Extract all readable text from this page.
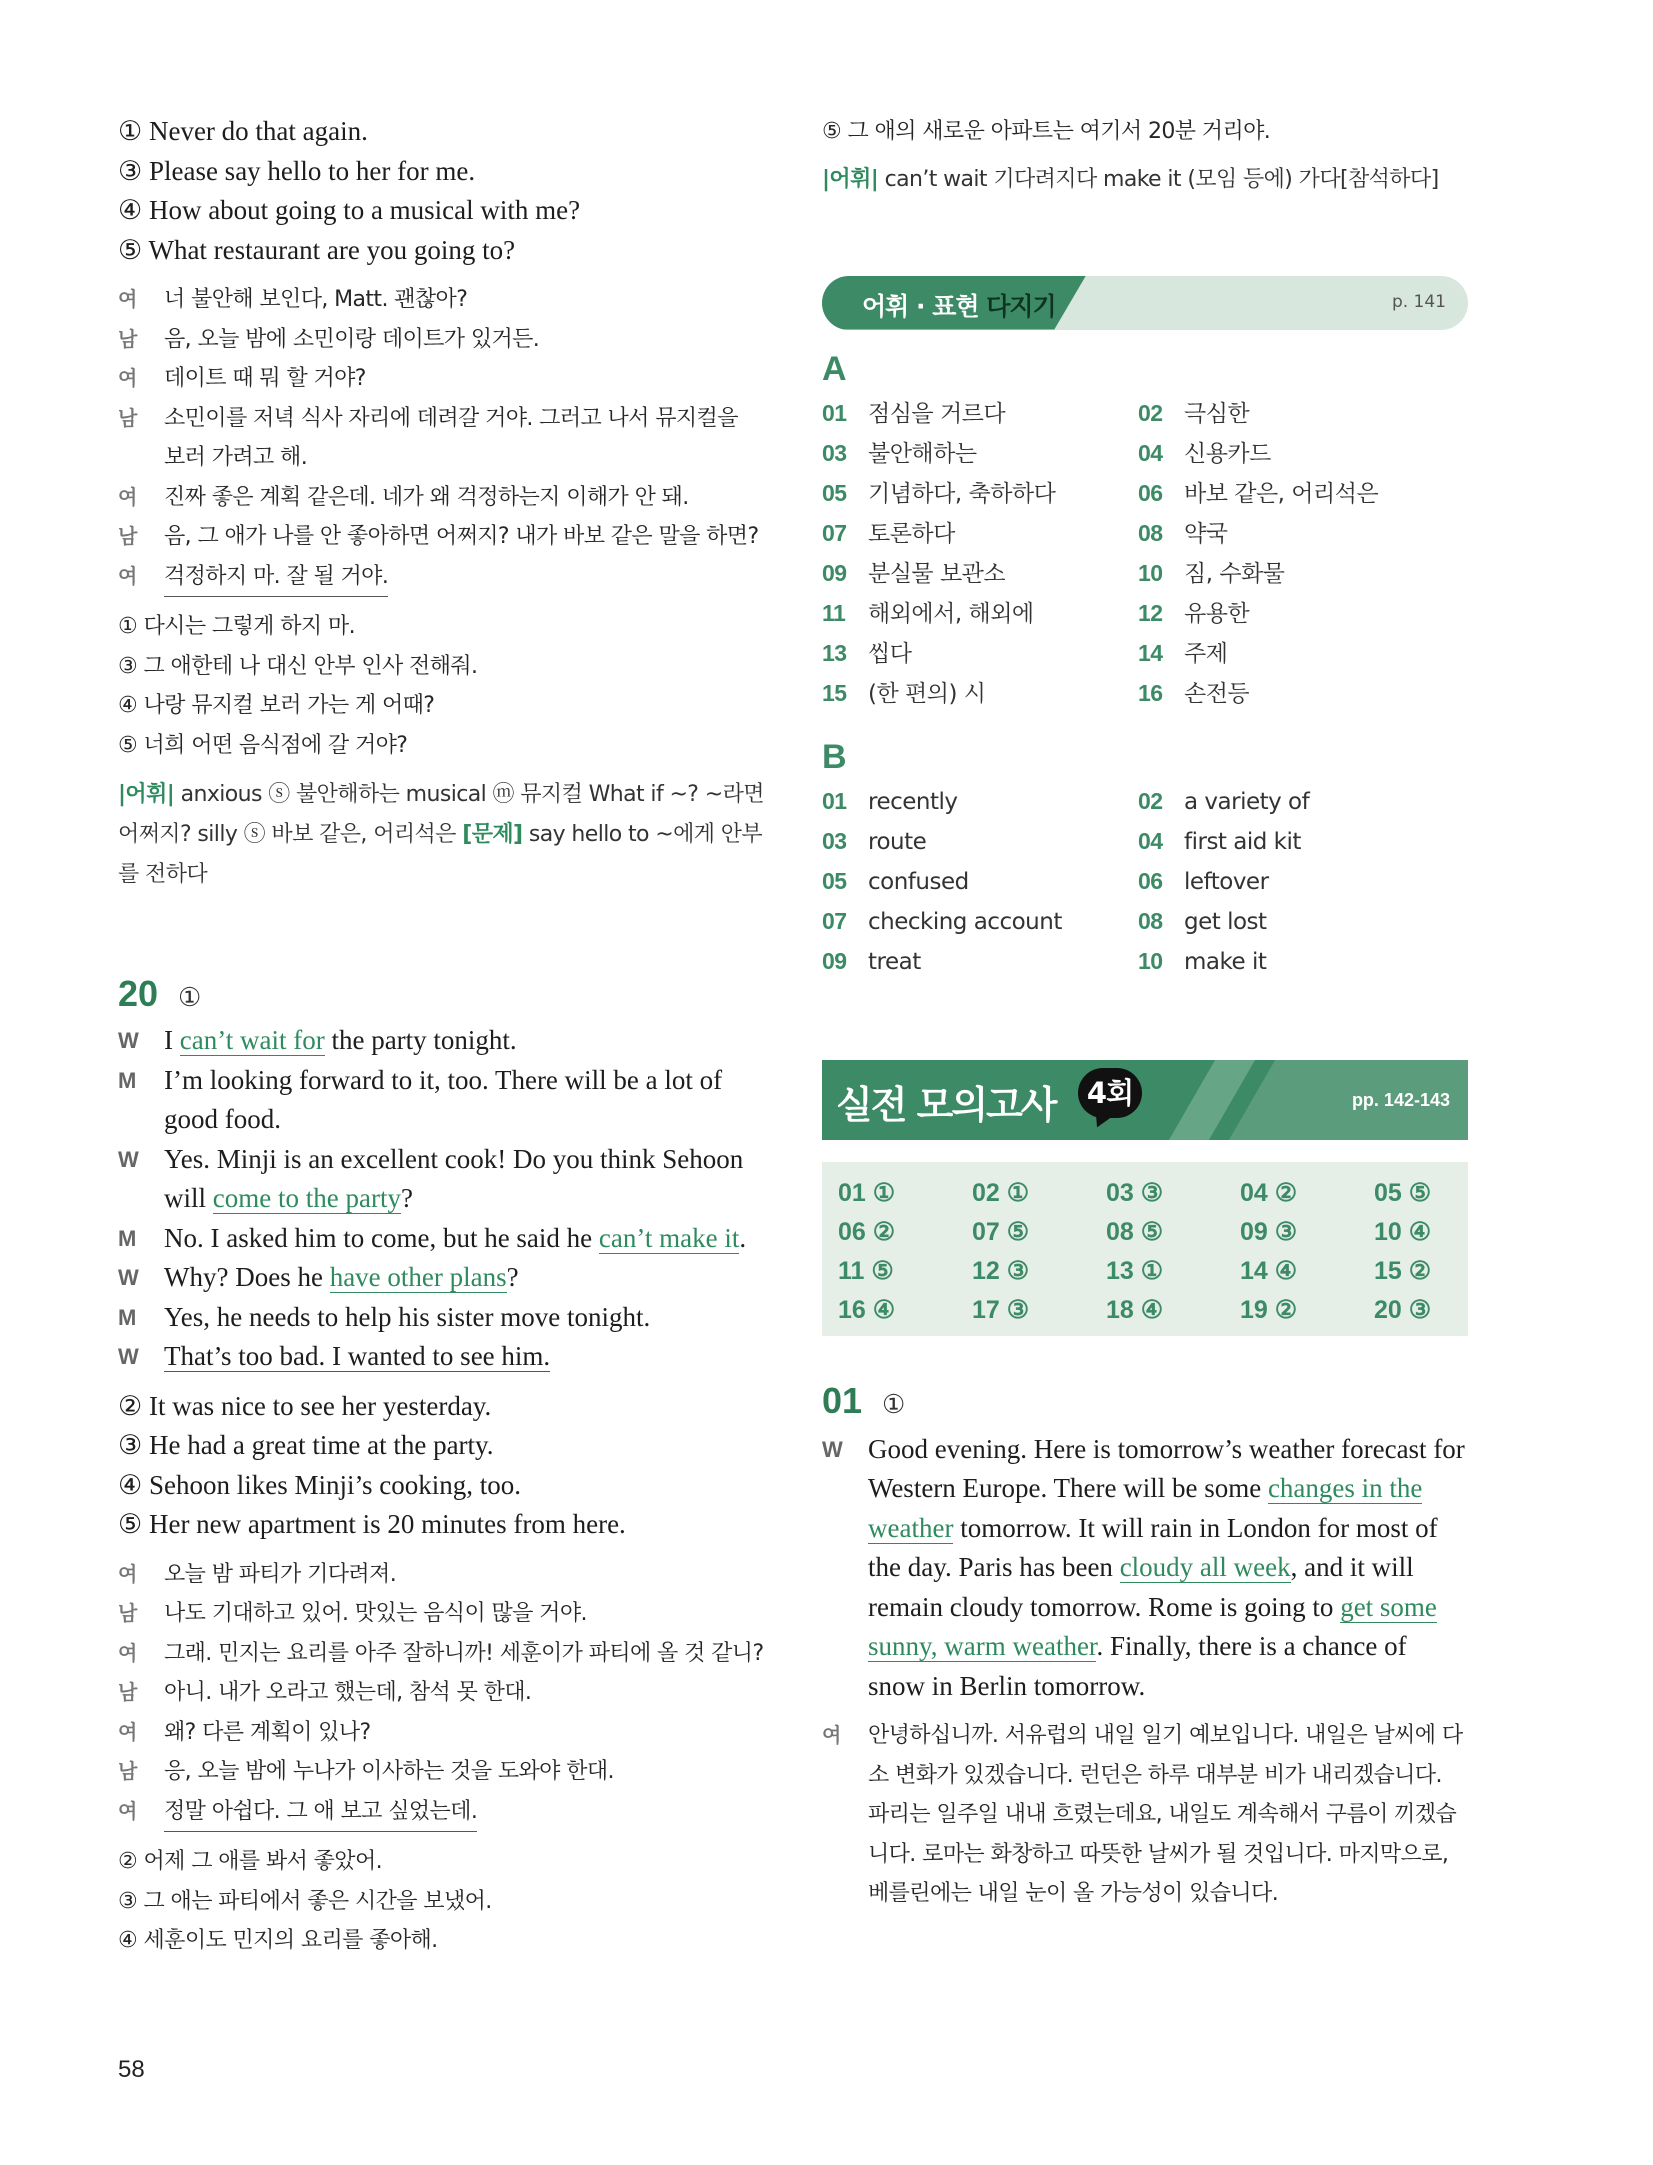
① Never do that again.
③ Please say hello to her for me.
④ How about going to a musical with me?
⑤ What restaurant are you going to?
여	너 불안해 보인다, Matt. 괜찮아?
남	음, 오늘 밤에 소민이랑 데이트가 있거든.
여	데이트 때 뭐 할 거야?
남	소민이를 저녁 식사 자리에 데려갈 거야. 그러고 나서 뮤지컬을 보러 가려고 해.
여	진짜 좋은 계획 같은데. 네가 왜 걱정하는지 이해가 안 돼.
남	음, 그 애가 나를 안 좋아하면 어쩌지? 내가 바보 같은 말을 하면?
여	걱정하지 마. 잘 될 거야.
① 다시는 그렇게 하지 마.
③ 그 애한테 나 대신 안부 인사 전해줘.
④ 나랑 뮤지컬 보러 가는 게 어때?
⑤ 너희 어떤 음식점에 갈 거야?
|어휘| anxious ⓢ 불안해하는 musical ⓜ 뮤지컬 What if ~? ~라면 어쩌지? silly ⓢ 바보 같은, 어리석은 [문제] say hello to ~에게 안부를 전하다
20 ①
W I can’t wait for the party tonight.
M	I’m looking forward to it, too. There will be a lot of good food.
W Yes. Minji is an excellent cook! Do you think Sehoon will come to the party?
M	No. I asked him to come, but he said he can’t make it.
W Why? Does he have other plans?
M	Yes, he needs to help his sister move tonight.
W That’s too bad. I wanted to see him.
② It was nice to see her yesterday.
③ He had a great time at the party.
④ Sehoon likes Minji’s cooking, too.
⑤ Her new apartment is 20 minutes from here.
여	오늘 밤 파티가 기다려져.
남	나도 기대하고 있어. 맛있는 음식이 많을 거야.
여	그래. 민지는 요리를 아주 잘하니까! 세훈이가 파티에 올 것 같니?
남	아니. 내가 오라고 했는데, 참석 못 한대.
여	왜? 다른 계획이 있나?
남	응, 오늘 밤에 누나가 이사하는 것을 도와야 한대.
여	정말 아쉽다. 그 애 보고 싶었는데.
② 어제 그 애를 봐서 좋았어.
③ 그 애는 파티에서 좋은 시간을 보냈어.
④ 세훈이도 민지의 요리를 좋아해.
⑤ 그 애의 새로운 아파트는 여기서 20분 거리야.
|어휘| can’t wait 기다려지다 make it (모임 등에) 가다[참석하다]
어휘 · 표현 다지기	p. 141
A
01 점심을 거르다	02 극심한
03 불안해하는	04 신용카드
05 기념하다, 축하하다	06 바보 같은, 어리석은
07 토론하다	08 약국
09 분실물 보관소	10 짐, 수화물
11 해외에서, 해외에	12 유용한
13 씹다	14 주제
15 (한 편의) 시	16 손전등
B
01 recently	02 a variety of
03 route	04 first aid kit
05 confused	06 leftover
07 checking account	08 get lost
09 treat	10 make it
실전 모의고사	4회	pp. 142-143
01 ①	02 ①	03 ③	04 ②	05 ⑤
06 ②	07 ⑤	08 ⑤	09 ③	10 ④
11 ⑤	12 ③	13 ①	14 ④	15 ②
16 ④	17 ③	18 ④	19 ②	20 ③
01 ①
W Good evening. Here is tomorrow’s weather forecast for Western Europe. There will be some changes in the weather tomorrow. It will rain in London for most of the day. Paris has been cloudy all week, and it will remain cloudy tomorrow. Rome is going to get some sunny, warm weather. Finally, there is a chance of snow in Berlin tomorrow.
여	안녕하십니까. 서유럽의 내일 일기 예보입니다. 내일은 날씨에 다소 변화가 있겠습니다. 런던은 하루 대부분 비가 내리겠습니다. 파리는 일주일 내내 흐렸는데요, 내일도 계속해서 구름이 끼겠습니다. 로마는 화창하고 따뜻한 날씨가 될 것입니다. 마지막으로, 베를린에는 내일 눈이 올 가능성이 있습니다.
58
